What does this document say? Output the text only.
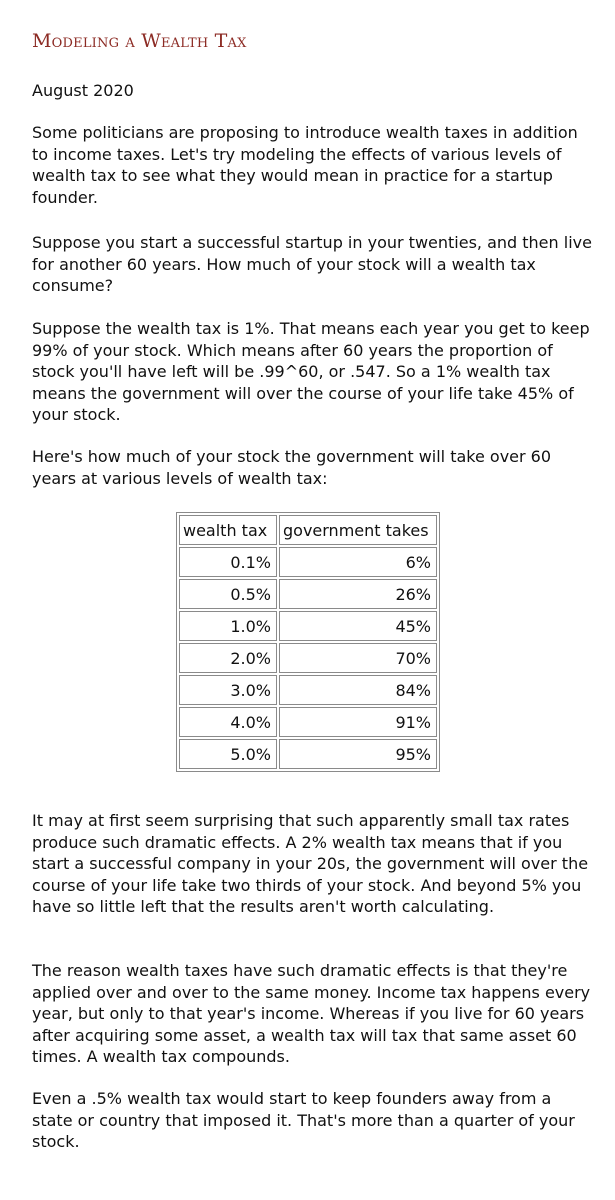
Modeling a Wealth Tax

August 2020

Some politicians are proposing to introduce wealth taxes in addition to income taxes. Let's try modeling the effects of various levels of wealth tax to see what they would mean in practice for a startup founder.

Suppose you start a successful startup in your twenties, and then live for another 60 years. How much of your stock will a wealth tax consume?

Suppose the wealth tax is 1%. That means each year you get to keep 99% of your stock. Which means after 60 years the proportion of stock you'll have left will be .99^60, or .547. So a 1% wealth tax means the government will over the course of your life take 45% of your stock.

Here's how much of your stock the government will take over 60 years at various levels of wealth tax:

wealth tax	government takes
0.1%	6%
0.5%	26%
1.0%	45%
2.0%	70%
3.0%	84%
4.0%	91%
5.0%	95%

It may at first seem surprising that such apparently small tax rates produce such dramatic effects. A 2% wealth tax means that if you start a successful company in your 20s, the government will over the course of your life take two thirds of your stock. And beyond 5% you have so little left that the results aren't worth calculating.

The reason wealth taxes have such dramatic effects is that they're applied over and over to the same money. Income tax happens every year, but only to that year's income. Whereas if you live for 60 years after acquiring some asset, a wealth tax will tax that same asset 60 times. A wealth tax compounds.

Even a .5% wealth tax would start to keep founders away from a state or country that imposed it. That's more than a quarter of your stock.
